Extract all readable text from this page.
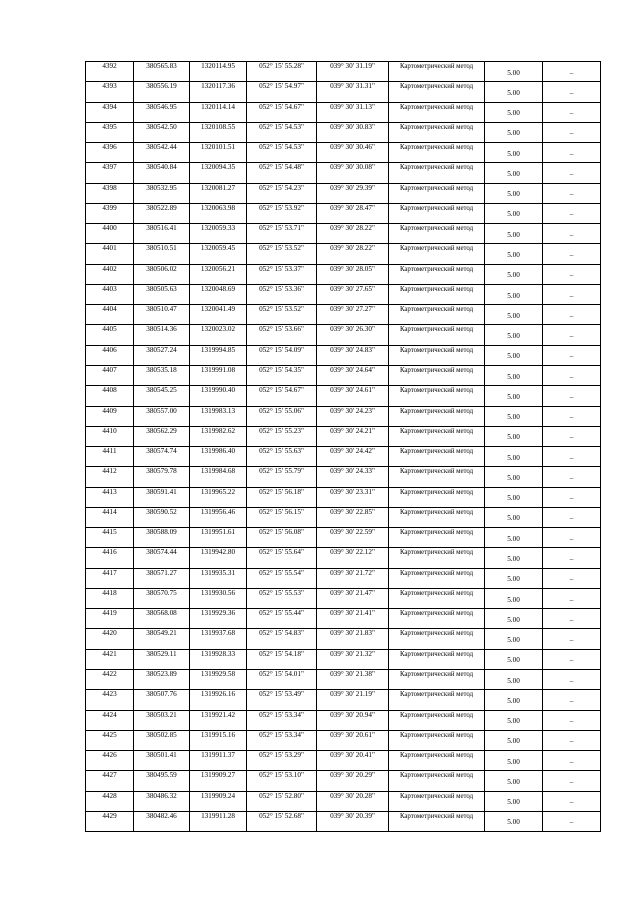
4392	380565.83	1320114.95	052° 15' 55.28"	039° 30' 31.19"	Картометрический метод	5.00	–
4393	380556.19	1320117.36	052° 15' 54.97"	039° 30' 31.31"	Картометрический метод	5.00	–
4394	380546.95	1320114.14	052° 15' 54.67"	039° 30' 31.13"	Картометрический метод	5.00	–
4395	380542.50	1320108.55	052° 15' 54.53"	039° 30' 30.83"	Картометрический метод	5.00	–
4396	380542.44	1320101.51	052° 15' 54.53"	039° 30' 30.46"	Картометрический метод	5.00	–
4397	380540.84	1320094.35	052° 15' 54.48"	039° 30' 30.08"	Картометрический метод	5.00	–
4398	380532.95	1320081.27	052° 15' 54.23"	039° 30' 29.39"	Картометрический метод	5.00	–
4399	380522.89	1320063.98	052° 15' 53.92"	039° 30' 28.47"	Картометрический метод	5.00	–
4400	380516.41	1320059.33	052° 15' 53.71"	039° 30' 28.22"	Картометрический метод	5.00	–
4401	380510.51	1320059.45	052° 15' 53.52"	039° 30' 28.22"	Картометрический метод	5.00	–
4402	380506.02	1320056.21	052° 15' 53.37"	039° 30' 28.05"	Картометрический метод	5.00	–
4403	380505.63	1320048.69	052° 15' 53.36"	039° 30' 27.65"	Картометрический метод	5.00	–
4404	380510.47	1320041.49	052° 15' 53.52"	039° 30' 27.27"	Картометрический метод	5.00	–
4405	380514.36	1320023.02	052° 15' 53.66"	039° 30' 26.30"	Картометрический метод	5.00	–
4406	380527.24	1319994.85	052° 15' 54.09"	039° 30' 24.83"	Картометрический метод	5.00	–
4407	380535.18	1319991.08	052° 15' 54.35"	039° 30' 24.64"	Картометрический метод	5.00	–
4408	380545.25	1319990.40	052° 15' 54.67"	039° 30' 24.61"	Картометрический метод	5.00	–
4409	380557.00	1319983.13	052° 15' 55.06"	039° 30' 24.23"	Картометрический метод	5.00	–
4410	380562.29	1319982.62	052° 15' 55.23"	039° 30' 24.21"	Картометрический метод	5.00	–
4411	380574.74	1319986.40	052° 15' 55.63"	039° 30' 24.42"	Картометрический метод	5.00	–
4412	380579.78	1319984.68	052° 15' 55.79"	039° 30' 24.33"	Картометрический метод	5.00	–
4413	380591.41	1319965.22	052° 15' 56.18"	039° 30' 23.31"	Картометрический метод	5.00	–
4414	380590.52	1319956.46	052° 15' 56.15"	039° 30' 22.85"	Картометрический метод	5.00	–
4415	380588.09	1319951.61	052° 15' 56.08"	039° 30' 22.59"	Картометрический метод	5.00	–
4416	380574.44	1319942.80	052° 15' 55.64"	039° 30' 22.12"	Картометрический метод	5.00	–
4417	380571.27	1319935.31	052° 15' 55.54"	039° 30' 21.72"	Картометрический метод	5.00	–
4418	380570.75	1319930.56	052° 15' 55.53"	039° 30' 21.47"	Картометрический метод	5.00	–
4419	380568.08	1319929.36	052° 15' 55.44"	039° 30' 21.41"	Картометрический метод	5.00	–
4420	380549.21	1319937.68	052° 15' 54.83"	039° 30' 21.83"	Картометрический метод	5.00	–
4421	380529.11	1319928.33	052° 15' 54.18"	039° 30' 21.32"	Картометрический метод	5.00	–
4422	380523.89	1319929.58	052° 15' 54.01"	039° 30' 21.38"	Картометрический метод	5.00	–
4423	380507.76	1319926.16	052° 15' 53.49"	039° 30' 21.19"	Картометрический метод	5.00	–
4424	380503.21	1319921.42	052° 15' 53.34"	039° 30' 20.94"	Картометрический метод	5.00	–
4425	380502.85	1319915.16	052° 15' 53.34"	039° 30' 20.61"	Картометрический метод	5.00	–
4426	380501.41	1319911.37	052° 15' 53.29"	039° 30' 20.41"	Картометрический метод	5.00	–
4427	380495.59	1319909.27	052° 15' 53.10"	039° 30' 20.29"	Картометрический метод	5.00	–
4428	380486.32	1319909.24	052° 15' 52.80"	039° 30' 20.28"	Картометрический метод	5.00	–
4429	380482.46	1319911.28	052° 15' 52.68"	039° 30' 20.39"	Картометрический метод	5.00	–
